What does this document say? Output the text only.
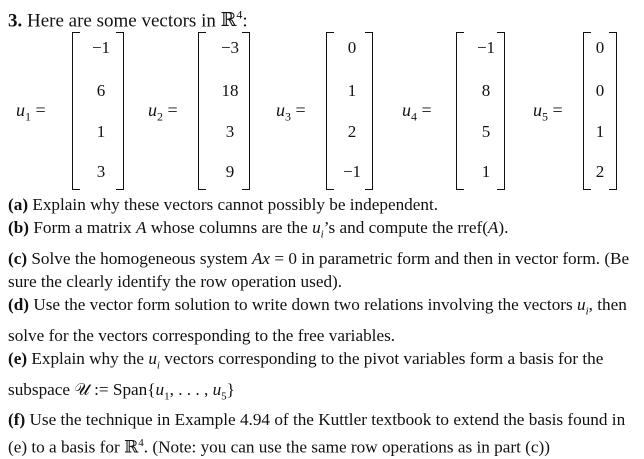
3. Here are some vectors in ℝ$^4$:
$u_1$ =
−1
6
1
3
$u_2$ =
−3
18
3
9
$u_3$ =
0
1
2
−1
$u_4$ =
−1
8
5
1
$u_5$ =
0
0
1
2

(a) Explain why these vectors cannot possibly be independent.

(b) Form a matrix A whose columns are the $u_i’s$ and compute the rref(A).

(c) Solve the homogeneous system Ax = 0 in parametric form and then in vector form. (Be sure the clearly identify the row operation used).

(d) Use the vector form solution to write down two relations involving the vectors $u_i$, then solve for the vectors corresponding to the free variables.

(e) Explain why the $u_i$ vectors corresponding to the pivot variables form a basis for the subspace 𝒰 := $Span\{u_1$, . . . , $u_5$}

(f) Use the technique in Example 4.94 of the Kuttler textbook to extend the basis found in (e) to a basis for ℝ$^4$. (Note: you can use the same row operations as in part (c))
